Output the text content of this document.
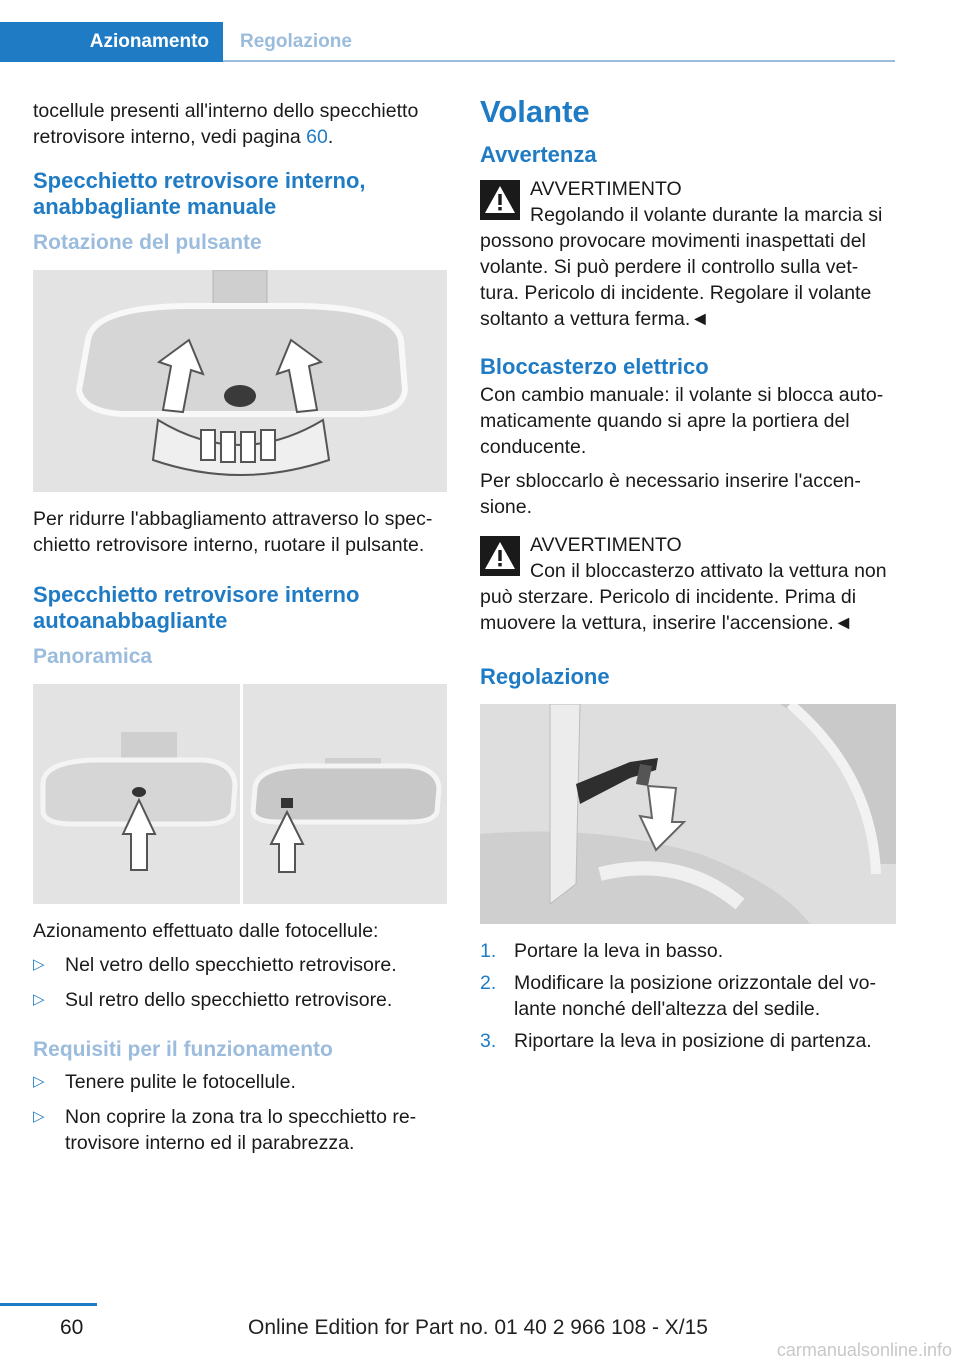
Azionamento	Regolazione

tocellule presenti all'interno dello specchietto retrovisore interno, vedi pagina 60.

Specchietto retrovisore interno, anabbagliante manuale
Rotazione del pulsante

Per ridurre l'abbagliamento attraverso lo spec-chietto retrovisore interno, ruotare il pulsante.

Specchietto retrovisore interno autoanabbagliante
Panoramica

Azionamento effettuato dalle fotocellule:

▷ Nel vetro dello specchietto retrovisore.
▷ Sul retro dello specchietto retrovisore.
Requisiti per il funzionamento
▷ Tenere pulite le fotocellule.
▷ Non coprire la zona tra lo specchietto re-trovisore interno ed il parabrezza.
Volante
Avvertenza
AVVERTIMENTO
Regolando il volante durante la marcia si possono provocare movimenti inaspettati del volante. Si può perdere il controllo sulla vet-tura. Pericolo di incidente. Regolare il volante soltanto a vettura ferma.◄
Bloccasterzo elettrico

Con cambio manuale: il volante si blocca auto-maticamente quando si apre la portiera del conducente.

Per sbloccarlo è necessario inserire l'accen-sione.

AVVERTIMENTO
Con il bloccasterzo attivato la vettura non può sterzare. Pericolo di incidente. Prima di muovere la vettura, inserire l'accensione.◄
Regolazione
1. Portare la leva in basso.
2. Modificare la posizione orizzontale del vo-lante nonché dell'altezza del sedile.
3. Riportare la leva in posizione di partenza.
60	Online Edition for Part no. 01 40 2 966 108 - X/15
carmanualsonline.info
